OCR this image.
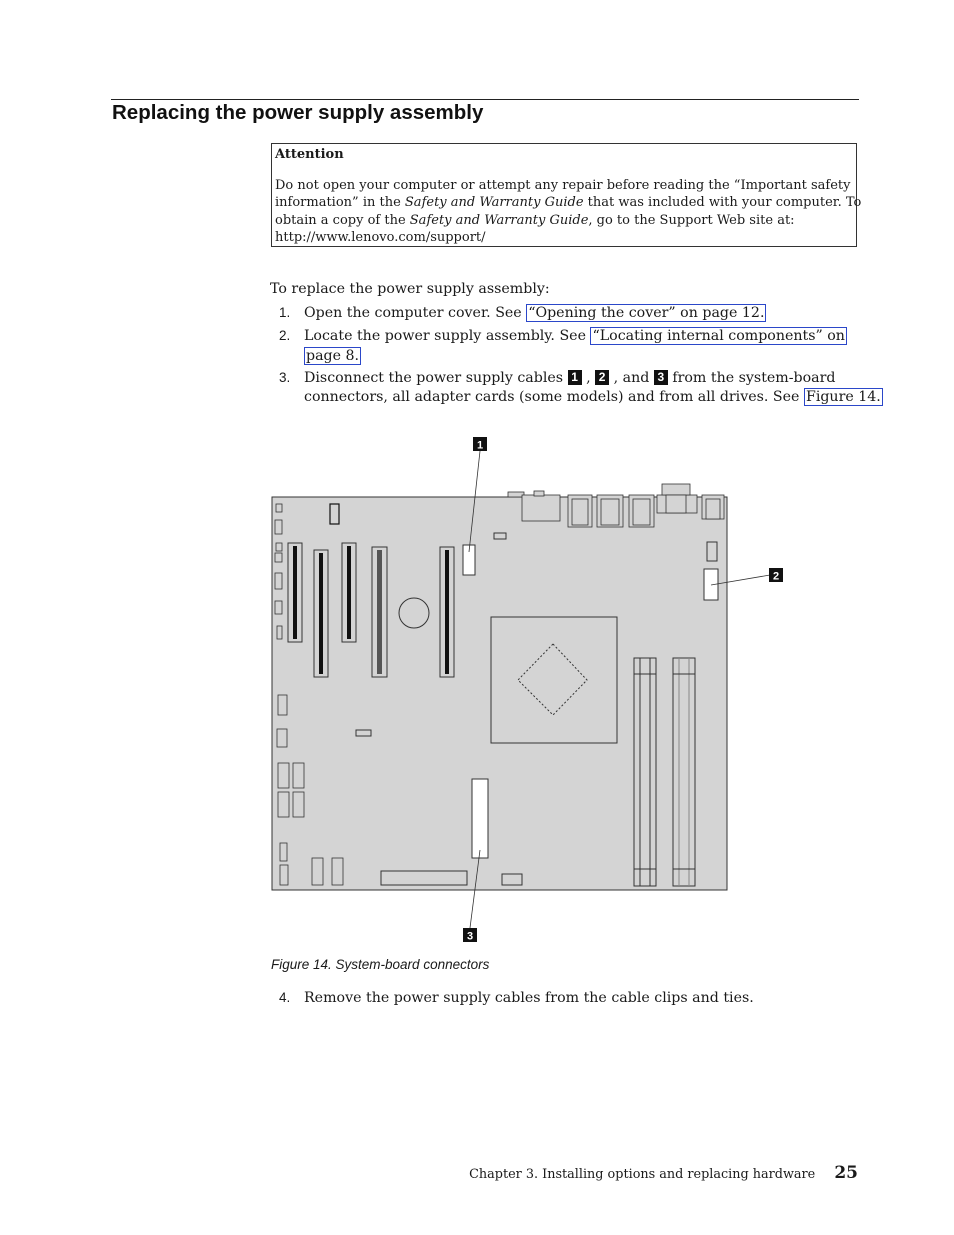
Replacing the power supply assembly
Attention
Do not open your computer or attempt any repair before reading the “Important safety
information” in the Safety and Warranty Guide that was included with your computer. To
obtain a copy of the Safety and Warranty Guide, go to the Support Web site at:
http://www.lenovo.com/support/
To replace the power supply assembly:
1. Open the computer cover. See “Opening the cover” on page 12.
2. Locate the power supply assembly. See “Locating internal components” on
page 8.
3. Disconnect the power supply cables 1 , 2 , and 3 from the system-board
connectors, all adapter cards (some models) and from all drives. See Figure 14.
1
2
3
Figure 14. System-board connectors
4. Remove the power supply cables from the cable clips and ties.
Chapter 3. Installing options and replacing hardware 25
